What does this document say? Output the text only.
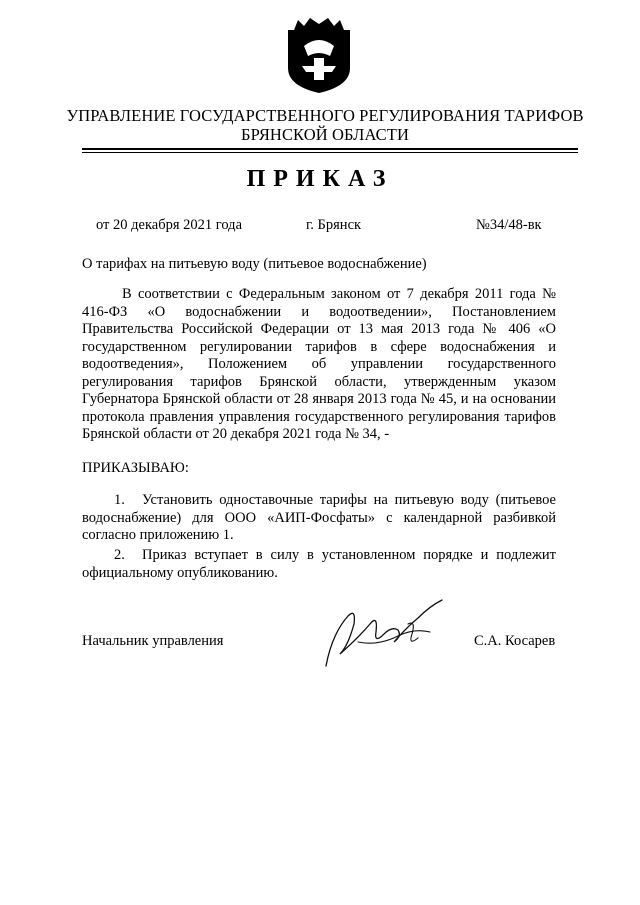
УПРАВЛЕНИЕ ГОСУДАРСТВЕННОГО РЕГУЛИРОВАНИЯ ТАРИФОВ
БРЯНСКОЙ ОБЛАСТИ
ПРИКАЗ
от 20 декабря 2021 года	г. Брянск	№34/48-вк
О тарифах на питьевую воду (питьевое водоснабжение)

В соответствии с Федеральным законом от 7 декабря 2011 года № 416-ФЗ «О водоснабжении и водоотведении», Постановлением Правительства Российской Федерации от 13 мая 2013 года № 406 «О государственном регулировании тарифов в сфере водоснабжения и водоотведения», Положением об управлении государственного регулирования тарифов Брянской области, утвержденным указом Губернатора Брянской области от 28 января 2013 года № 45, и на основании протокола правления управления государственного регулирования тарифов Брянской области от 20 декабря 2021 года № 34, -

ПРИКАЗЫВАЮ:

1. Установить одноставочные тарифы на питьевую воду (питьевое водоснабжение) для ООО «АИП-Фосфаты» с календарной разбивкой согласно приложению 1.

2. Приказ вступает в силу в установленном порядке и подлежит официальному опубликованию.

Начальник управления	С.А. Косарев
